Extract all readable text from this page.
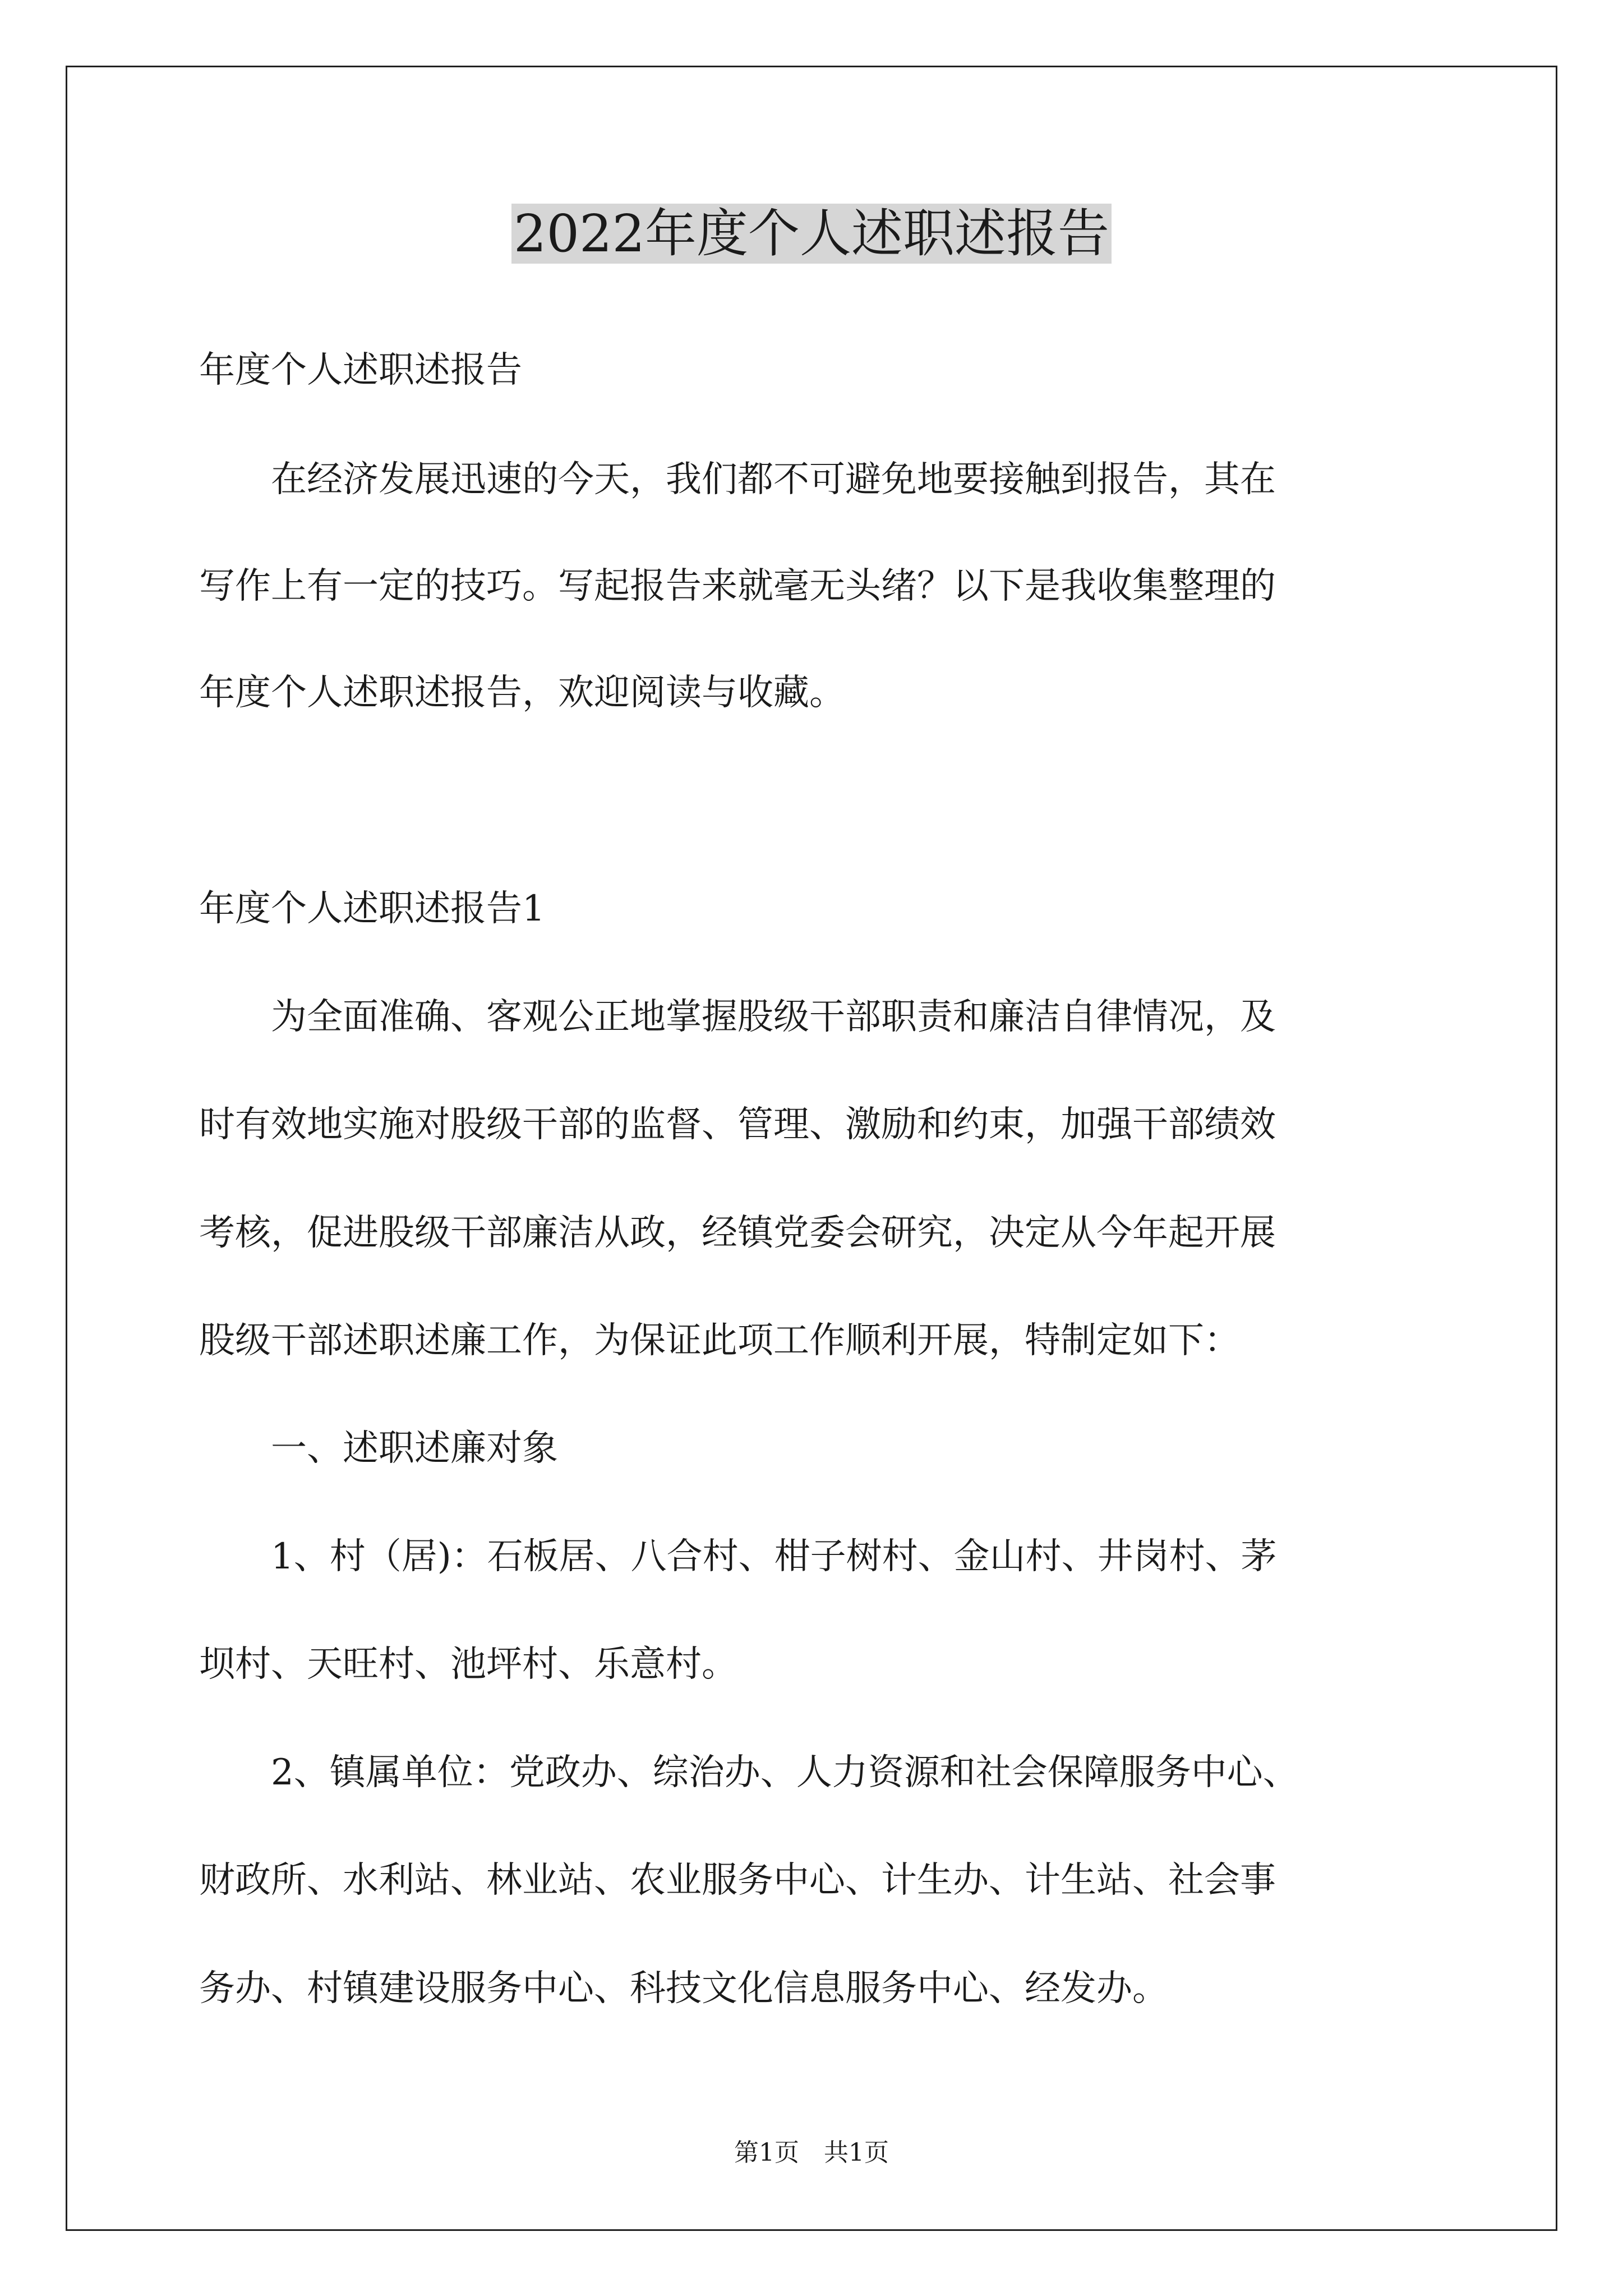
2022年度个人述职述报告
年度个人述职述报告
　　在经济发展迅速的今天，我们都不可避免地要接触到报告，其在
写作上有一定的技巧。写起报告来就毫无头绪？以下是我收集整理的
年度个人述职述报告，欢迎阅读与收藏。
年度个人述职述报告1
　　为全面准确、客观公正地掌握股级干部职责和廉洁自律情况，及
时有效地实施对股级干部的监督、管理、激励和约束，加强干部绩效
考核，促进股级干部廉洁从政，经镇党委会研究，决定从今年起开展
股级干部述职述廉工作，为保证此项工作顺利开展，特制定如下：
　　一、述职述廉对象
　　1、村（居)：石板居、八合村、柑子树村、金山村、井岗村、茅
坝村、天旺村、池坪村、乐意村。
　　2、镇属单位：党政办、综治办、人力资源和社会保障服务中心、
财政所、水利站、林业站、农业服务中心、计生办、计生站、社会事
务办、村镇建设服务中心、科技文化信息服务中心、经发办。
第1页　共1页
